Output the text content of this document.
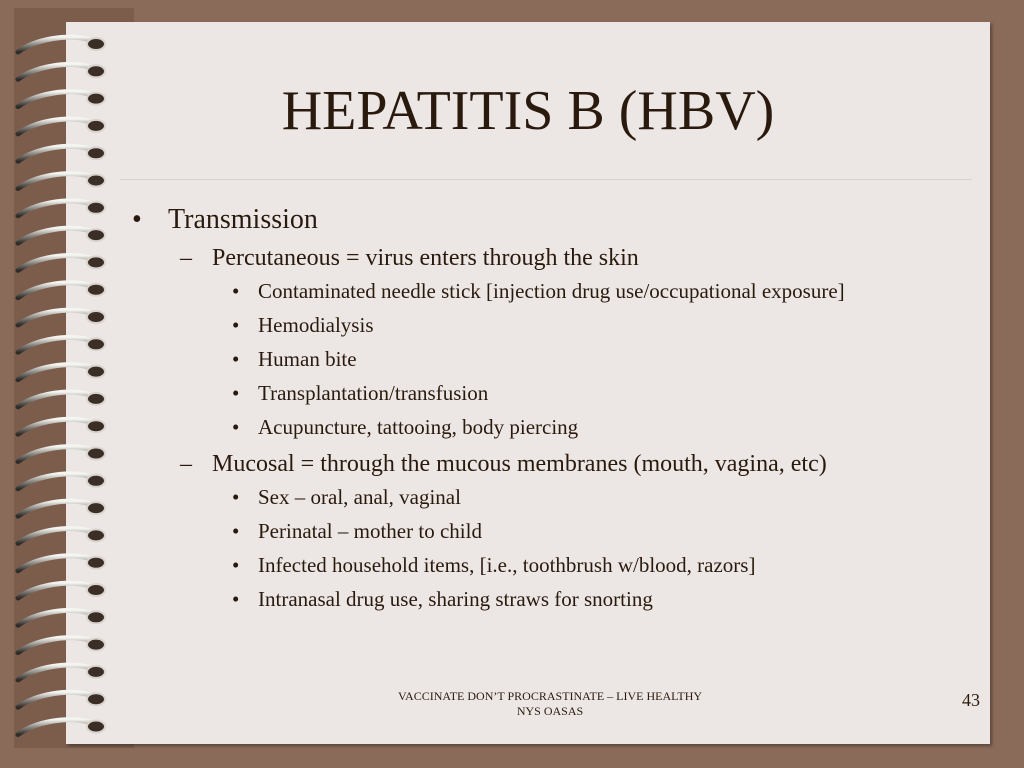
HEPATITIS B (HBV)
• Transmission
– Percutaneous = virus enters through the skin
• Contaminated needle stick [injection drug use/occupational exposure]
• Hemodialysis
• Human bite
• Transplantation/transfusion
• Acupuncture, tattooing, body piercing
– Mucosal = through the mucous membranes (mouth, vagina, etc)
• Sex – oral, anal, vaginal
• Perinatal – mother to child
• Infected household items, [i.e., toothbrush w/blood, razors]
• Intranasal drug use, sharing straws for snorting
VACCINATE DON’T PROCRASTINATE – LIVE HEALTHY
NYS OASAS
43
